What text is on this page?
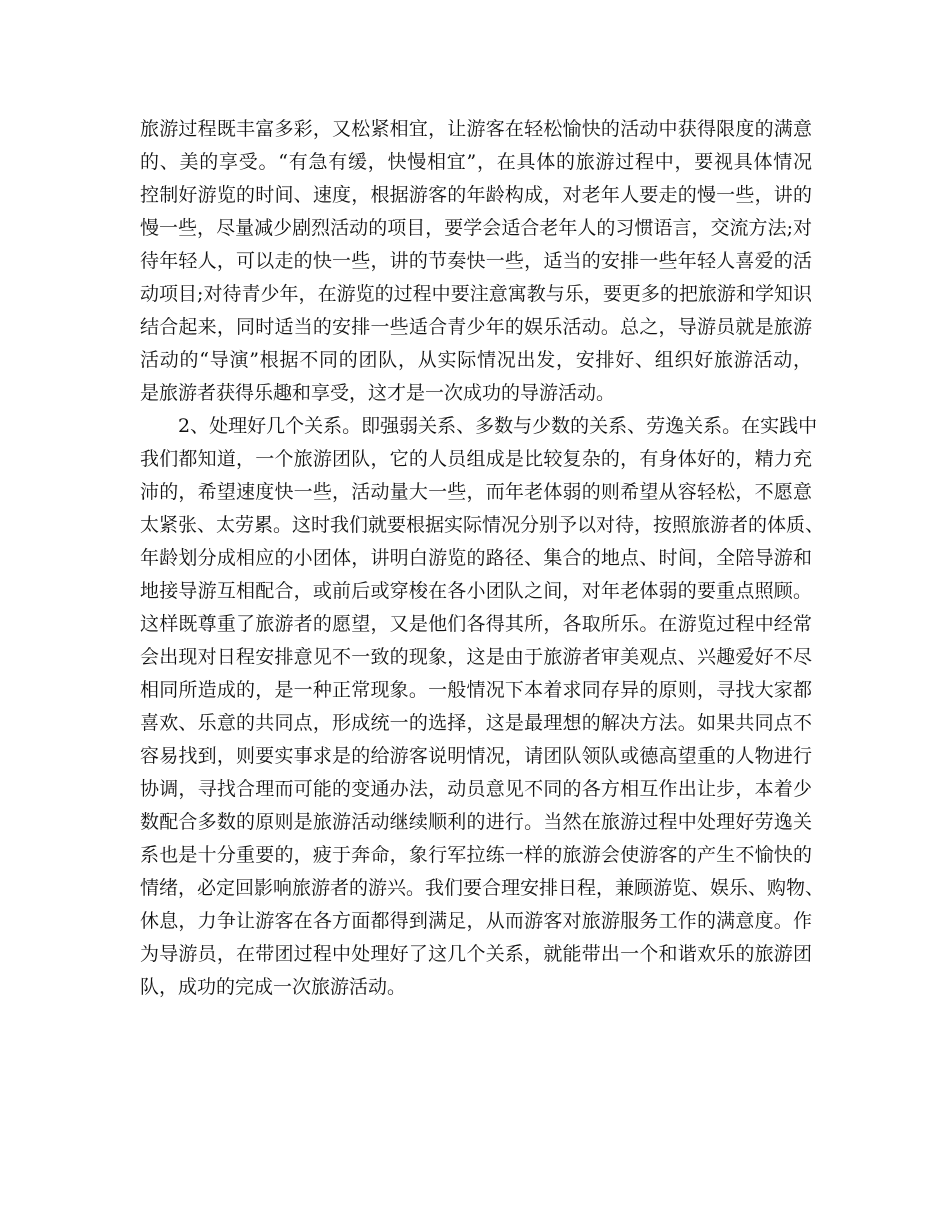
旅游过程既丰富多彩，又松紧相宜，让游客在轻松愉快的活动中获得限度的满意
的、美的享受。“有急有缓，快慢相宜”，在具体的旅游过程中，要视具体情况
控制好游览的时间、速度，根据游客的年龄构成，对老年人要走的慢一些，讲的
慢一些，尽量减少剧烈活动的项目，要学会适合老年人的习惯语言，交流方法;对
待年轻人，可以走的快一些，讲的节奏快一些，适当的安排一些年轻人喜爱的活
动项目;对待青少年，在游览的过程中要注意寓教与乐，要更多的把旅游和学知识
结合起来，同时适当的安排一些适合青少年的娱乐活动。总之，导游员就是旅游
活动的“导演”根据不同的团队，从实际情况出发，安排好、组织好旅游活动，
是旅游者获得乐趣和享受，这才是一次成功的导游活动。
　　2、处理好几个关系。即强弱关系、多数与少数的关系、劳逸关系。在实践中
我们都知道，一个旅游团队，它的人员组成是比较复杂的，有身体好的，精力充
沛的，希望速度快一些，活动量大一些，而年老体弱的则希望从容轻松，不愿意
太紧张、太劳累。这时我们就要根据实际情况分别予以对待，按照旅游者的体质、
年龄划分成相应的小团体，讲明白游览的路径、集合的地点、时间，全陪导游和
地接导游互相配合，或前后或穿梭在各小团队之间，对年老体弱的要重点照顾。
这样既尊重了旅游者的愿望，又是他们各得其所，各取所乐。在游览过程中经常
会出现对日程安排意见不一致的现象，这是由于旅游者审美观点、兴趣爱好不尽
相同所造成的，是一种正常现象。一般情况下本着求同存异的原则，寻找大家都
喜欢、乐意的共同点，形成统一的选择，这是最理想的解决方法。如果共同点不
容易找到，则要实事求是的给游客说明情况，请团队领队或德高望重的人物进行
协调，寻找合理而可能的变通办法，动员意见不同的各方相互作出让步，本着少
数配合多数的原则是旅游活动继续顺利的进行。当然在旅游过程中处理好劳逸关
系也是十分重要的，疲于奔命，象行军拉练一样的旅游会使游客的产生不愉快的
情绪，必定回影响旅游者的游兴。我们要合理安排日程，兼顾游览、娱乐、购物、
休息，力争让游客在各方面都得到满足，从而游客对旅游服务工作的满意度。作
为导游员，在带团过程中处理好了这几个关系，就能带出一个和谐欢乐的旅游团
队，成功的完成一次旅游活动。
